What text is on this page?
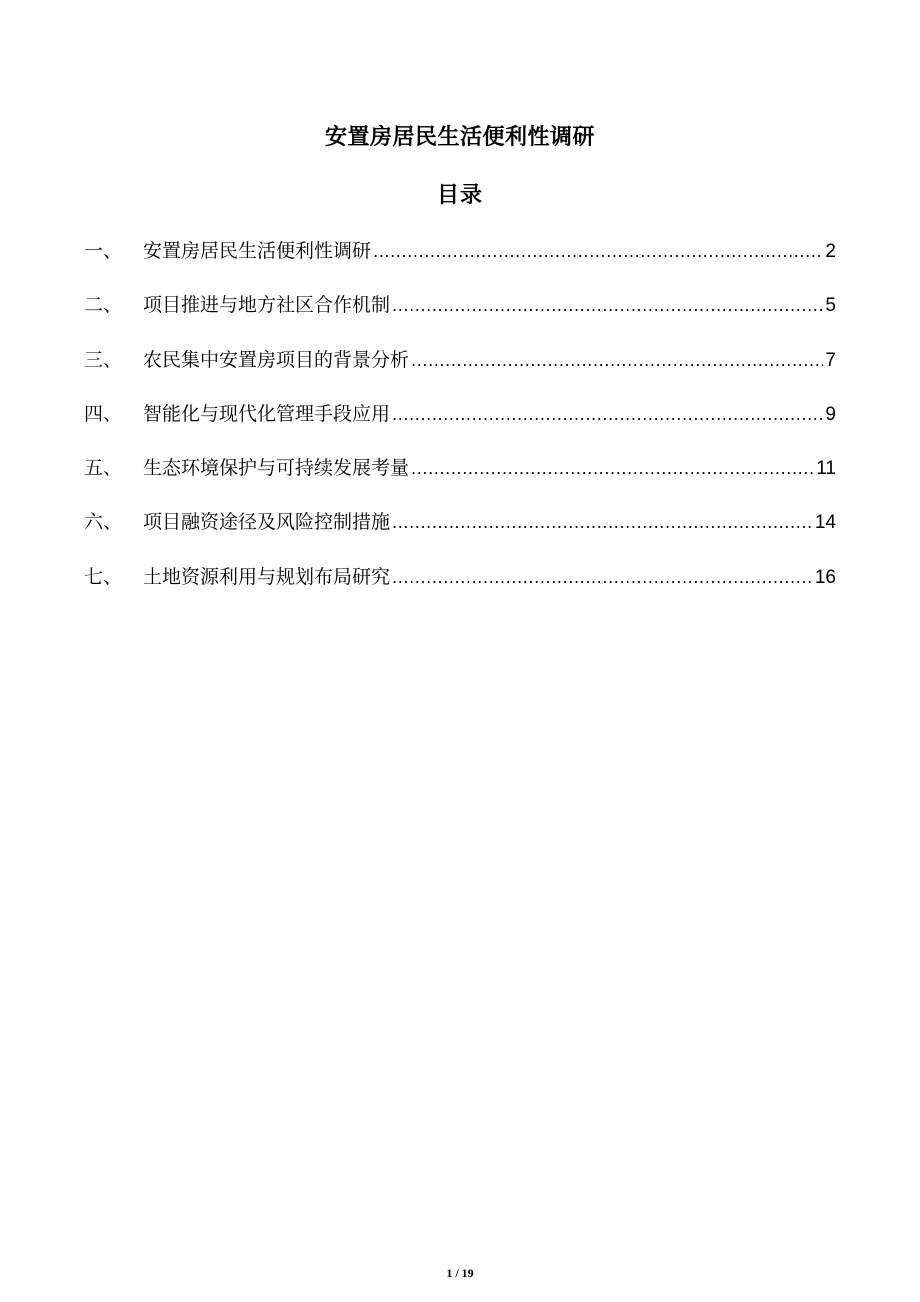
安置房居民生活便利性调研
目录
一、	安置房居民生活便利性调研 .....	2
二、	项目推进与地方社区合作机制 .....	5
三、	农民集中安置房项目的背景分析 .....	7
四、	智能化与现代化管理手段应用 .....	9
五、	生态环境保护与可持续发展考量 .....	11
六、	项目融资途径及风险控制措施 .....	14
七、	土地资源利用与规划布局研究 .....	16
1 / 19
